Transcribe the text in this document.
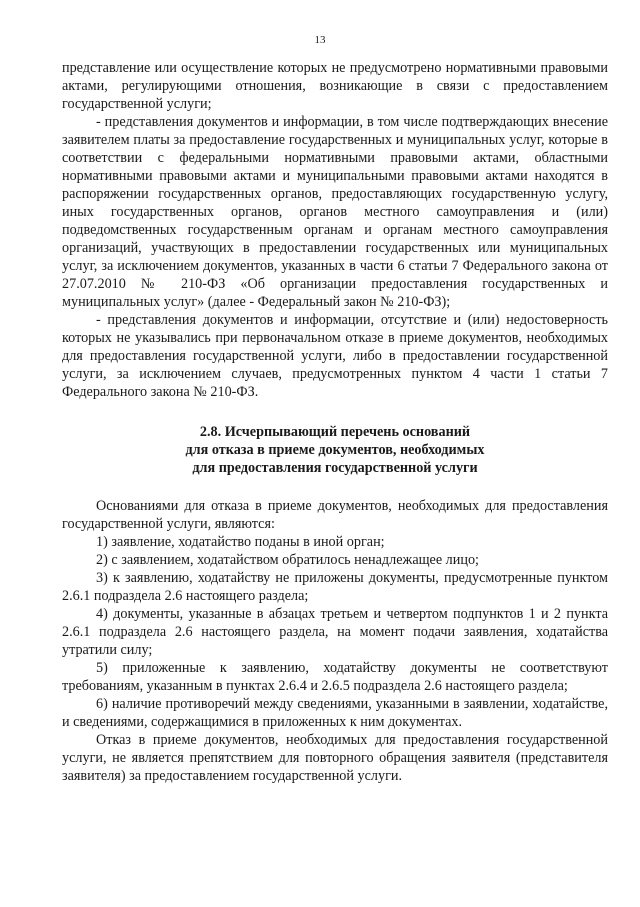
13

представление или осуществление которых не предусмотрено нормативными правовыми актами, регулирующими отношения, возникающие в связи с предоставлением государственной услуги;

- представления документов и информации, в том числе подтверждающих внесение заявителем платы за предоставление государственных и муниципальных услуг, которые в соответствии с федеральными нормативными правовыми актами, областными нормативными правовыми актами и муниципальными правовыми актами находятся в распоряжении государственных органов, предоставляющих государственную услугу, иных государственных органов, органов местного самоуправления и (или) подведомственных государственным органам и органам местного самоуправления организаций, участвующих в предоставлении государственных или муниципальных услуг, за исключением документов, указанных в части 6 статьи 7 Федерального закона от 27.07.2010 № 210-ФЗ «Об организации предоставления государственных и муниципальных услуг» (далее - Федеральный закон № 210-ФЗ);

- представления документов и информации, отсутствие и (или) недостоверность которых не указывались при первоначальном отказе в приеме документов, необходимых для предоставления государственной услуги, либо в предоставлении государственной услуги, за исключением случаев, предусмотренных пунктом 4 части 1 статьи 7 Федерального закона № 210-ФЗ.

2.8. Исчерпывающий перечень оснований
для отказа в приеме документов, необходимых
для предоставления государственной услуги

Основаниями для отказа в приеме документов, необходимых для предоставления государственной услуги, являются:

1) заявление, ходатайство поданы в иной орган;

2) с заявлением, ходатайством обратилось ненадлежащее лицо;

3) к заявлению, ходатайству не приложены документы, предусмотренные пунктом 2.6.1 подраздела 2.6 настоящего раздела;

4) документы, указанные в абзацах третьем и четвертом подпунктов 1 и 2 пункта 2.6.1 подраздела 2.6 настоящего раздела, на момент подачи заявления, ходатайства утратили силу;

5) приложенные к заявлению, ходатайству документы не соответствуют требованиям, указанным в пунктах 2.6.4 и 2.6.5 подраздела 2.6 настоящего раздела;

6) наличие противоречий между сведениями, указанными в заявлении, ходатайстве, и сведениями, содержащимися в приложенных к ним документах.

Отказ в приеме документов, необходимых для предоставления государственной услуги, не является препятствием для повторного обращения заявителя (представителя заявителя) за предоставлением государственной услуги.
